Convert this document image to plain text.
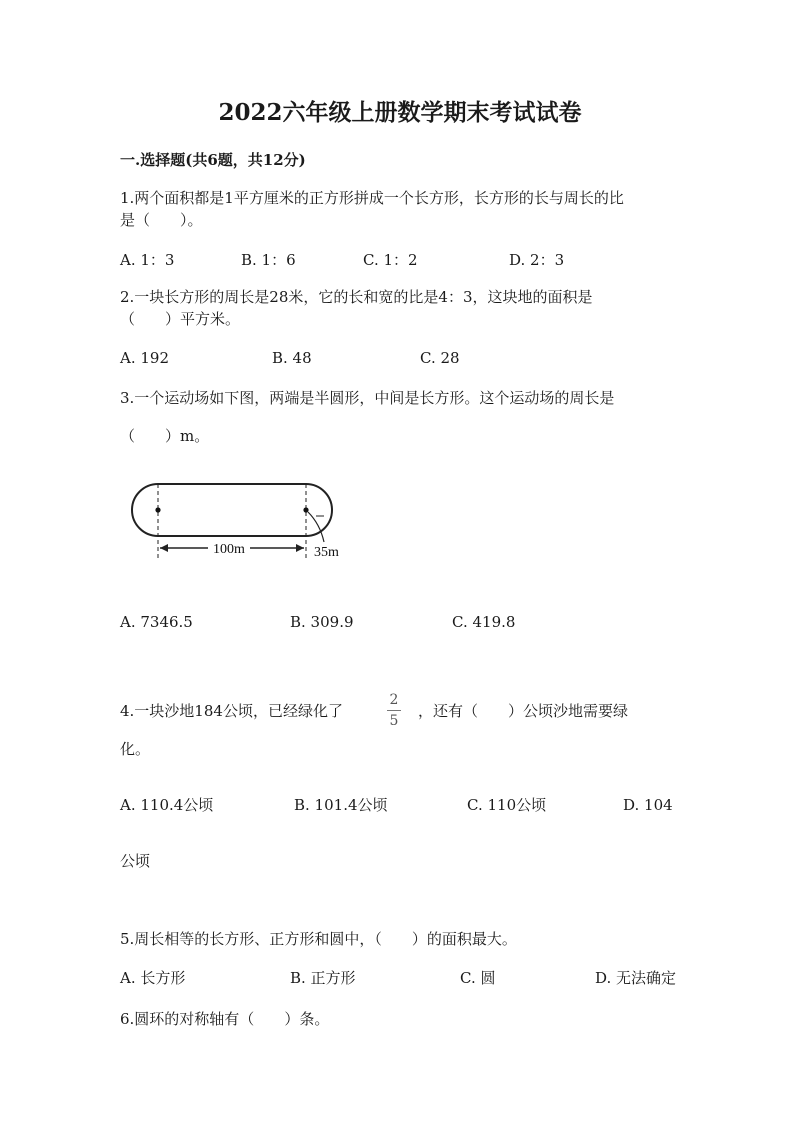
2022六年级上册数学期末考试试卷
一.选择题(共6题，共12分)
1.两个面积都是1平方厘米的正方形拼成一个长方形，长方形的长与周长的比
是（　　）。
A. 1：3	B. 1：6	C. 1：2	D. 2：3
2.一块长方形的周长是28米，它的长和宽的比是4：3，这块地的面积是
（　　）平方米。
A. 192	B. 48	C. 28
3.一个运动场如下图，两端是半圆形，中间是长方形。这个运动场的周长是
（　　）m。
100m	35m
A. 7346.5	B. 309.9	C. 419.8
4.一块沙地184公顷，已经绿化了
2
5
，还有（　　）公顷沙地需要绿
化。
A. 110.4公顷	B. 101.4公顷	C. 110公顷	D. 104
公顷
5.周长相等的长方形、正方形和圆中，（　　）的面积最大。
A. 长方形	B. 正方形	C. 圆	D. 无法确定
6.圆环的对称轴有（　　）条。
